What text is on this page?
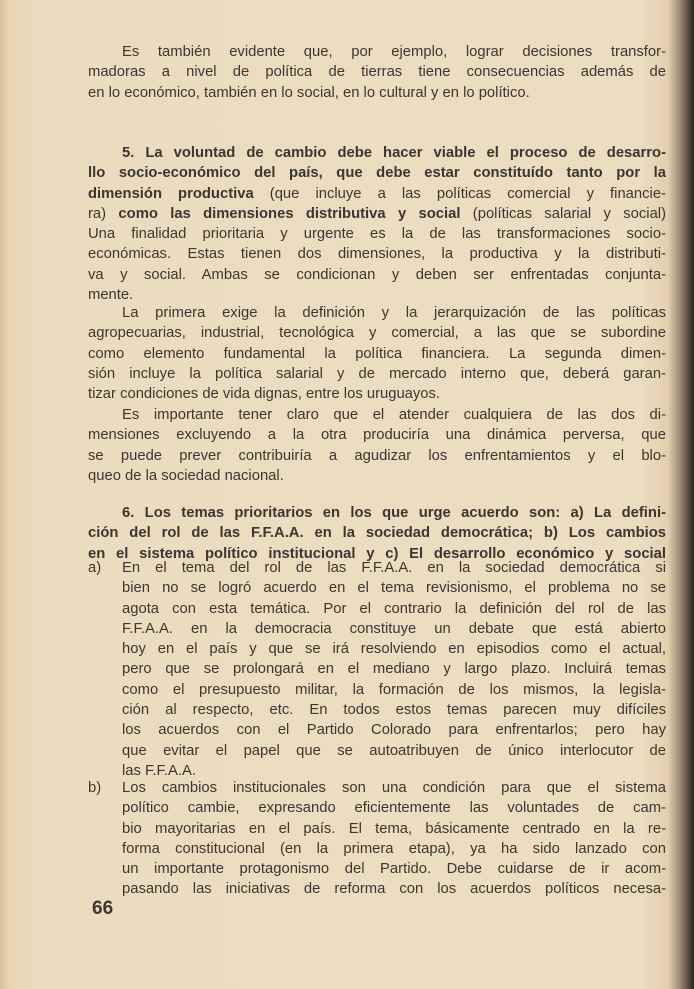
Es también evidente que, por ejemplo, lograr decisiones transfor-
madoras a nivel de política de tierras tiene consecuencias además de
en lo económico, también en lo social, en lo cultural y en lo político.
5. La voluntad de cambio debe hacer viable el proceso de desarro-
llo socio-económico del país, que debe estar constituído tanto por la
dimensión productiva (que incluye a las políticas comercial y financie-
ra) como las dimensiones distributiva y social (políticas salarial y social)
Una finalidad prioritaria y urgente es la de las transformaciones socio-
económicas. Estas tienen dos dimensiones, la productiva y la distributi-
va y social. Ambas se condicionan y deben ser enfrentadas conjunta-
mente.
La primera exige la definición y la jerarquización de las políticas
agropecuarias, industrial, tecnológica y comercial, a las que se subordine
como elemento fundamental la política financiera. La segunda dimen-
sión incluye la política salarial y de mercado interno que, deberá garan-
tizar condiciones de vida dignas, entre los uruguayos.
Es importante tener claro que el atender cualquiera de las dos di-
mensiones excluyendo a la otra produciría una dinámica perversa, que
se puede prever contribuiría a agudizar los enfrentamientos y el blo-
queo de la sociedad nacional.
6. Los temas prioritarios en los que urge acuerdo son: a) La defini-
ción del rol de las F.F.A.A. en la sociedad democrática; b) Los cambios
en el sistema político institucional y c) El desarrollo económico y social
a) En el tema del rol de las F.F.A.A. en la sociedad democrática si
bien no se logró acuerdo en el tema revisionismo, el problema no se
agota con esta temática. Por el contrario la definición del rol de las
F.F.A.A. en la democracia constituye un debate que está abierto
hoy en el país y que se irá resolviendo en episodios como el actual,
pero que se prolongará en el mediano y largo plazo. Incluirá temas
como el presupuesto militar, la formación de los mismos, la legisla-
ción al respecto, etc. En todos estos temas parecen muy difíciles
los acuerdos con el Partido Colorado para enfrentarlos; pero hay
que evitar el papel que se autoatribuyen de único interlocutor de
las F.F.A.A.
b) Los cambios institucionales son una condición para que el sistema
político cambie, expresando eficientemente las voluntades de cam-
bio mayoritarias en el país. El tema, básicamente centrado en la re-
forma constitucional (en la primera etapa), ya ha sido lanzado con
un importante protagonismo del Partido. Debe cuidarse de ir acom-
pasando las iniciativas de reforma con los acuerdos políticos necesa-
66
